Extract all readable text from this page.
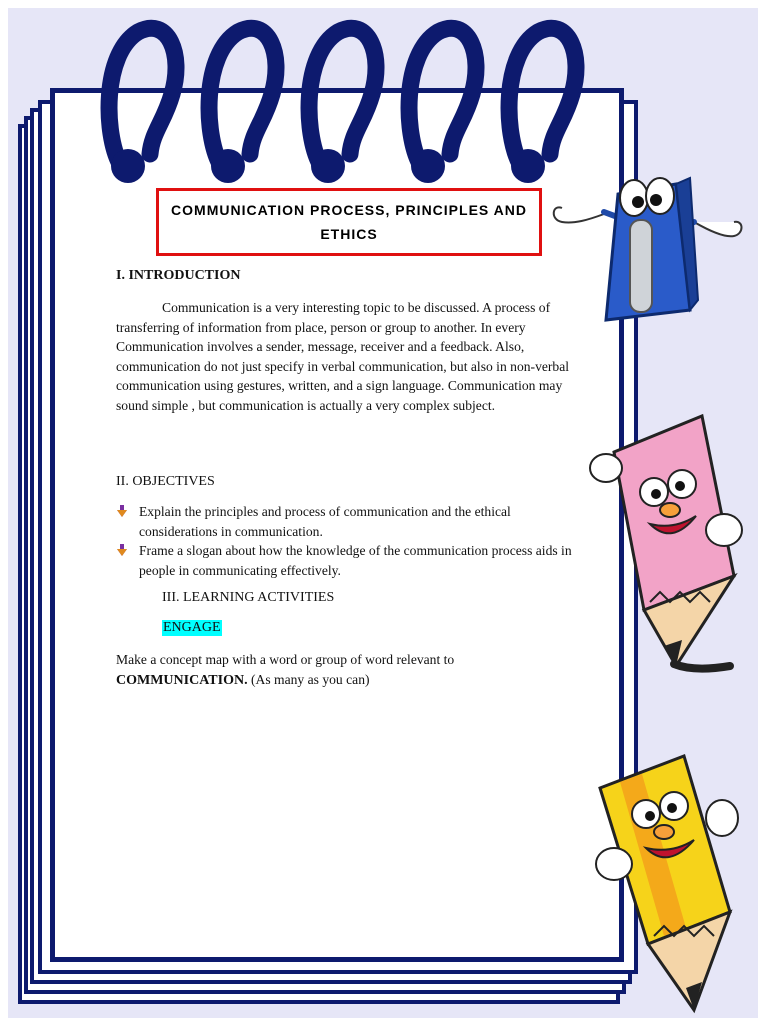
COMMUNICATION PROCESS, PRINCIPLES AND ETHICS
I. INTRODUCTION
Communication is a very interesting topic to be discussed. A process of transferring of information from place, person or group to another. In every Communication involves a sender, message, receiver and a feedback. Also, communication do not just specify in verbal communication, but also in non-verbal communication using gestures, written, and a sign language. Communication may sound simple , but communication is actually a very complex subject.
II. OBJECTIVES
Explain the principles and process of communication and the ethical considerations in communication.
Frame a slogan about how the knowledge of the communication process aids in people in communicating effectively.
III. LEARNING ACTIVITIES
ENGAGE
Make a concept map with a word or group of word relevant to
COMMUNICATION. (As many as you can)
